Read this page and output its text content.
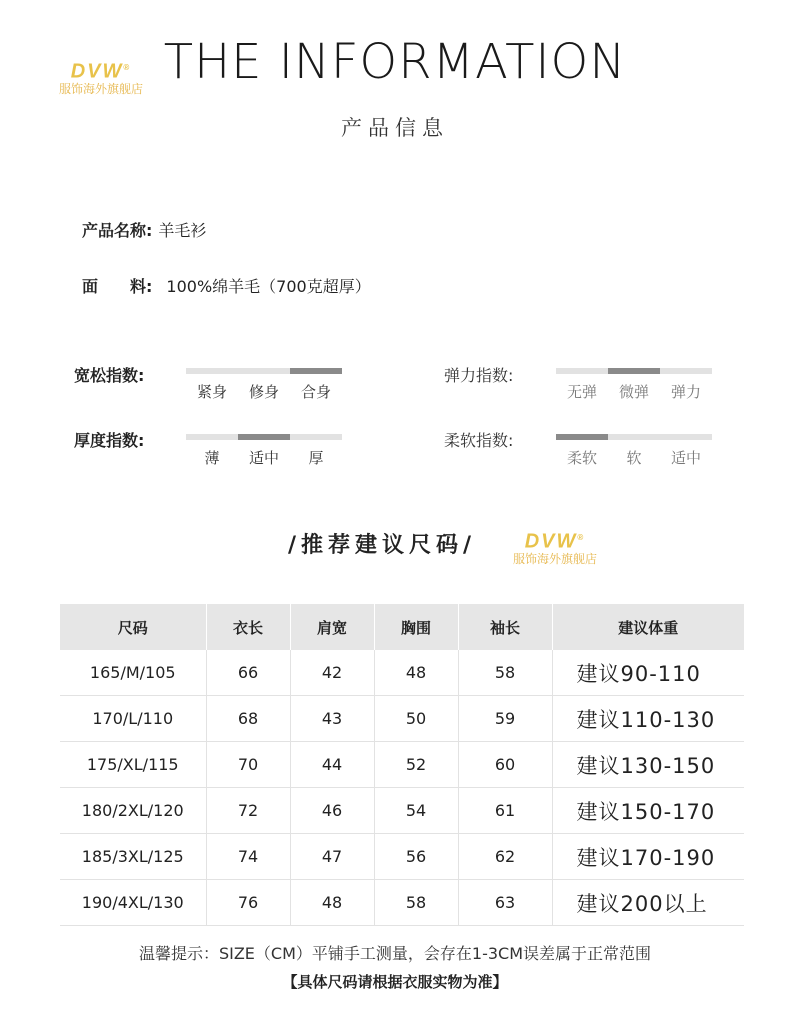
DVW®
服饰海外旗舰店 THE INFORMATION
产品信息
产品名称: 羊毛衫
面　　料: 100%绵羊毛（700克超厚）
宽松指数:
紧身	修身	合身
弹力指数:
无弹	微弹	弹力
厚度指数:
薄	适中	厚
柔软指数:
柔软	软	适中
/推荐建议尺码/	DVW®
服饰海外旗舰店
尺码	衣长	肩宽	胸围	袖长	建议体重
165/M/105	66	42	48	58	建议90-110
170/L/110	68	43	50	59	建议110-130
175/XL/115	70	44	52	60	建议130-150
180/2XL/120	72	46	54	61	建议150-170
185/3XL/125	74	47	56	62	建议170-190
190/4XL/130	76	48	58	63	建议200以上
温馨提示：SIZE（CM）平铺手工测量，会存在1-3CM误差属于正常范围
【具体尺码请根据衣服实物为准】
